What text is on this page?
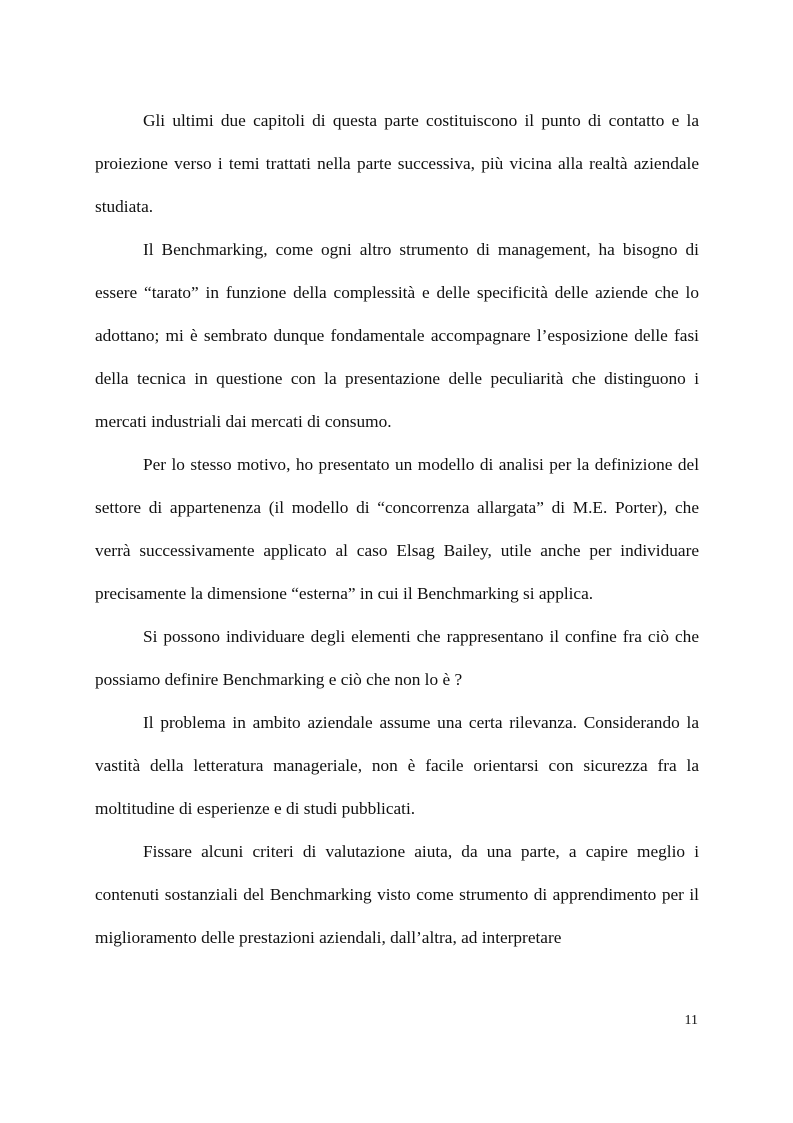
Gli ultimi due capitoli di questa parte costituiscono il punto di contatto e la proiezione verso i temi trattati nella parte successiva, più vicina alla realtà aziendale studiata.

Il Benchmarking, come ogni altro strumento di management, ha bisogno di essere “tarato” in funzione della complessità e delle specificità delle aziende che lo adottano; mi è sembrato dunque fondamentale accompagnare l’esposizione delle fasi della tecnica in questione con la presentazione delle peculiarità che distinguono i mercati industriali dai mercati di consumo.

Per lo stesso motivo, ho presentato un modello di analisi per la definizione del settore di appartenenza (il modello di “concorrenza allargata” di M.E. Porter), che verrà successivamente applicato al caso Elsag Bailey, utile anche per individuare precisamente la dimensione “esterna” in cui il Benchmarking si applica.

Si possono individuare degli elementi che rappresentano il confine fra ciò che possiamo definire Benchmarking e ciò che non lo è ?

Il problema in ambito aziendale assume una certa rilevanza. Considerando la vastità della letteratura manageriale, non è facile orientarsi con sicurezza fra la moltitudine di esperienze e di studi pubblicati.

Fissare alcuni criteri di valutazione aiuta, da una parte, a capire meglio i contenuti sostanziali del Benchmarking visto come strumento di apprendimento per il miglioramento delle prestazioni aziendali, dall’altra, ad interpretare

11
